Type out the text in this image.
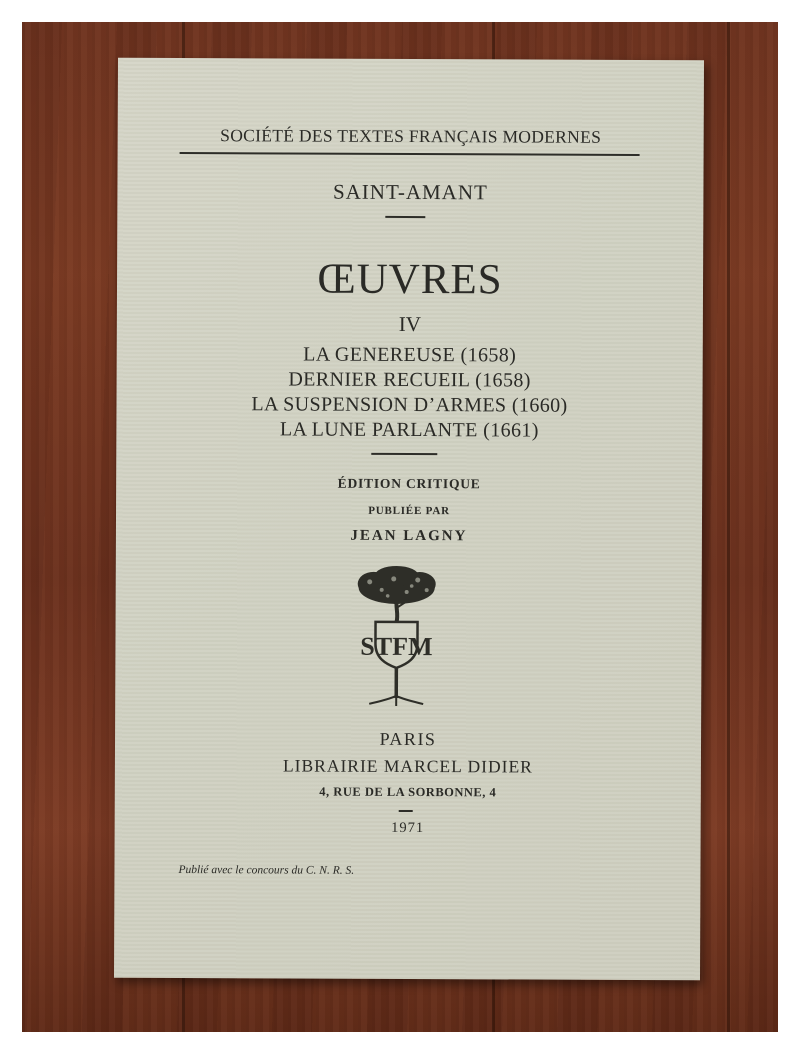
SOCIÉTÉ DES TEXTES FRANÇAIS MODERNES
SAINT-AMANT
ŒUVRES
IV
LA GENEREUSE (1658)
DERNIER RECUEIL (1658)
LA SUSPENSION D’ARMES (1660)
LA LUNE PARLANTE (1661)
ÉDITION CRITIQUE
PUBLIÉE PAR
JEAN LAGNY
STFM
PARIS
LIBRAIRIE MARCEL DIDIER
4, RUE DE LA SORBONNE, 4
1971
Publié avec le concours du C. N. R. S.
